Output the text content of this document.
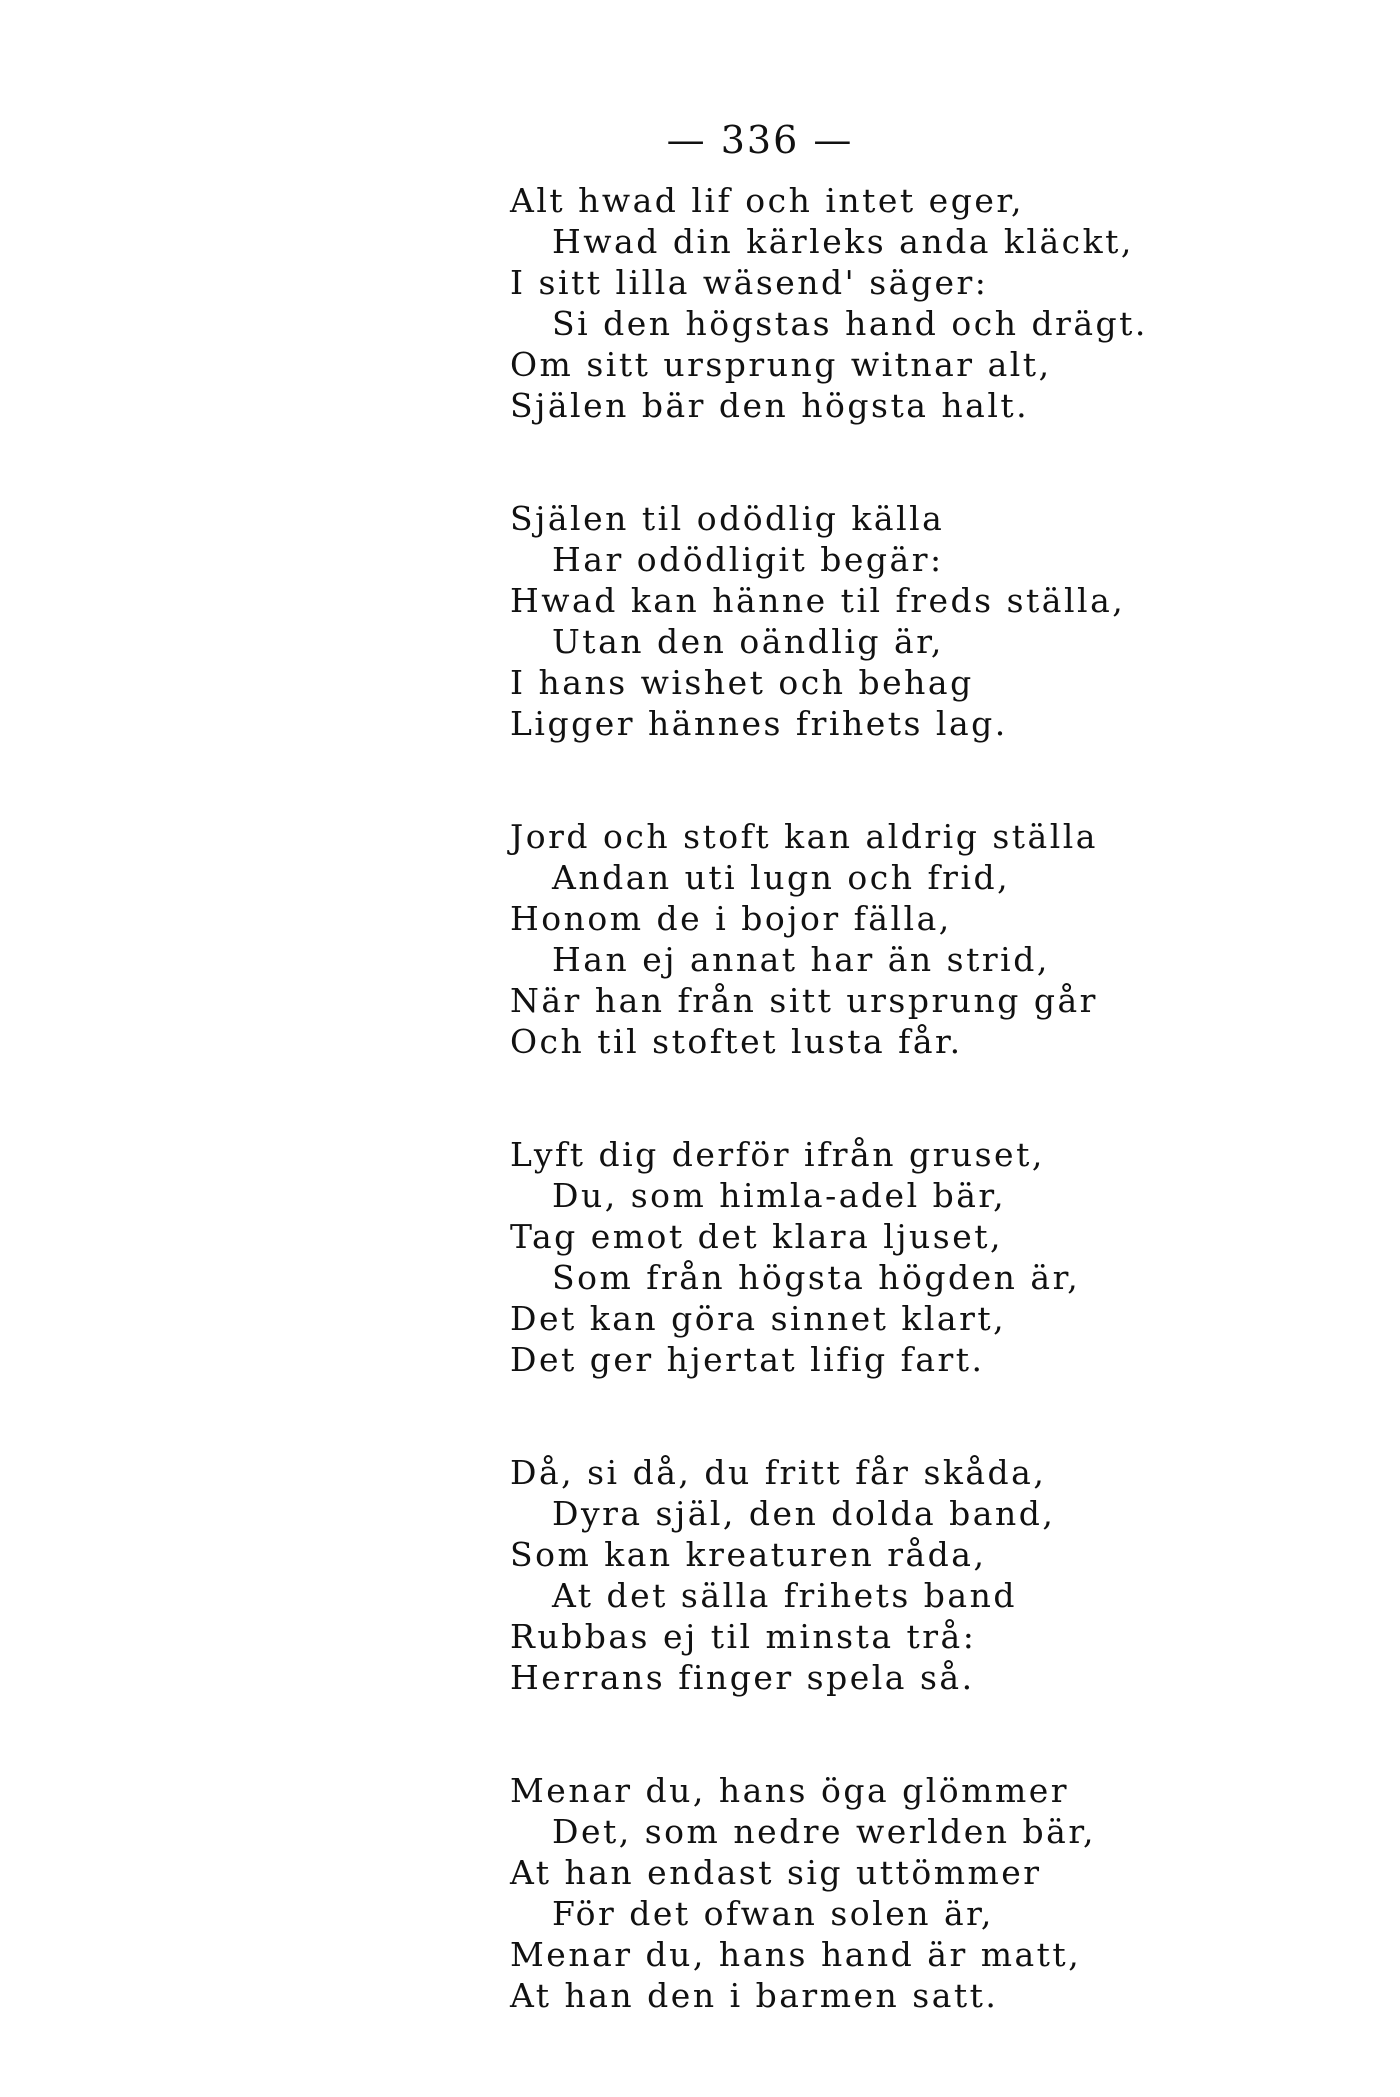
— 336 —
Alt hwad lif och intet eger,
Hwad din kärleks anda kläckt,
I sitt lilla wäsend' säger:
Si den högstas hand och drägt.
Om sitt ursprung witnar alt,
Själen bär den högsta halt.
Själen til odödlig källa
Har odödligit begär:
Hwad kan hänne til freds ställa,
Utan den oändlig är,
I hans wishet och behag
Ligger hännes frihets lag.
Jord och stoft kan aldrig ställa
Andan uti lugn och frid,
Honom de i bojor fälla,
Han ej annat har än strid,
När han från sitt ursprung går
Och til stoftet lusta får.
Lyft dig derför ifrån gruset,
Du, som himla-adel bär,
Tag emot det klara ljuset,
Som från högsta högden är,
Det kan göra sinnet klart,
Det ger hjertat lifig fart.
Då, si då, du fritt får skåda,
Dyra själ, den dolda band,
Som kan kreaturen råda,
At det sälla frihets band
Rubbas ej til minsta trå:
Herrans finger spela så.
Menar du, hans öga glömmer
Det, som nedre werlden bär,
At han endast sig uttömmer
För det ofwan solen är,
Menar du, hans hand är matt,
At han den i barmen satt.
